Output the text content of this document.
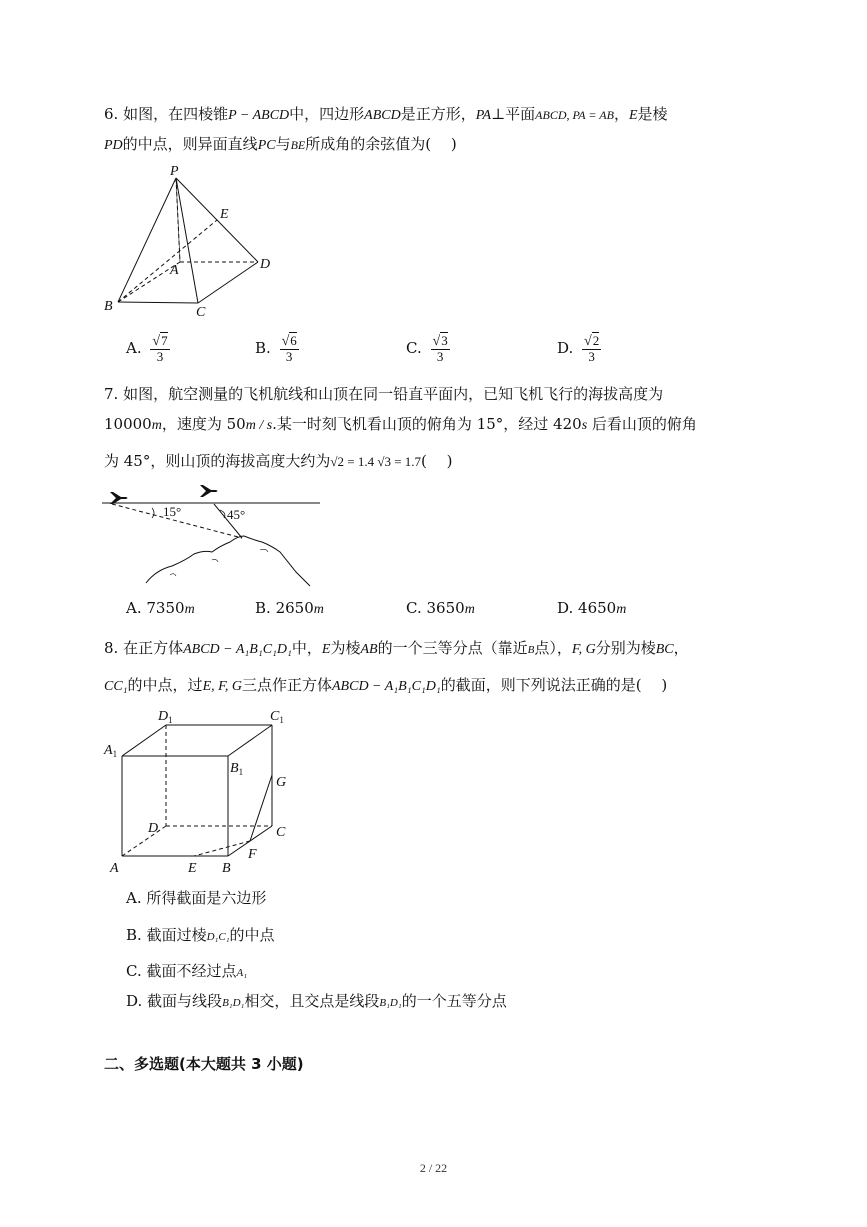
6. 如图，在四棱锥P − ABCD中，四边形ABCD是正方形，PA⊥平面ABCD, PA = AB，E是棱
PD的中点，则异面直线PC与BE所成角的余弦值为(　 )
P
E
A	D
B	C
A. $\frac{√7}{3}$	B. $\frac{√6}{3}$	C. $\frac{√3}{3}$	D. $\frac{√2}{3}$
7. 如图，航空测量的飞机航线和山顶在同一铅直平面内，已知飞机飞行的海拔高度为
10000m，速度为 50m / s.某一时刻飞机看山顶的俯角为 15°，经过 420s 后看山顶的俯角
为 45°，则山顶的海拔高度大约为√2 = 1.4 √3 = 1.7(　 )
15°	45°
A. 7350m	B. 2650m	C. 3650m	D. 4650m
8. 在正方体ABCD − A₁B₁C₁D₁中，E为棱AB的一个三等分点（靠近B点），F, G分别为棱BC，
CC₁的中点，过E, F, G三点作正方体ABCD − A₁B₁C₁D₁的截面，则下列说法正确的是(　 )
$D_1$	$C_1$
$A_1$
$B_1$
G
D	C
F
A	E B
A. 所得截面是六边形
B. 截面过棱D₁C₁的中点
C. 截面不经过点A₁
D. 截面与线段B₁D₁相交，且交点是线段B₁D₁的一个五等分点
二、多选题(本大题共 3 小题)
2 / 22
